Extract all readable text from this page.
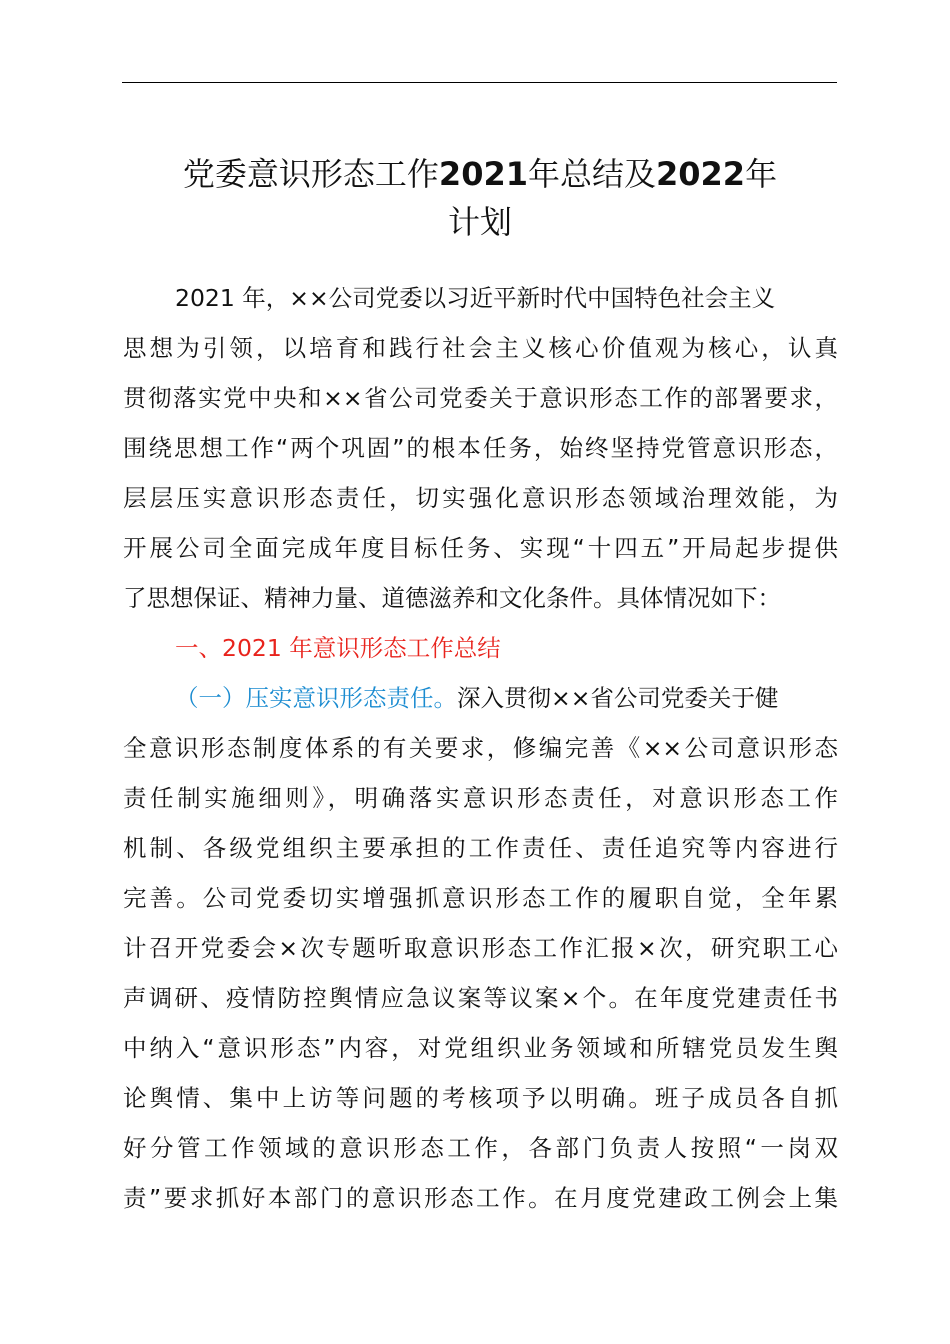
党委意识形态工作2021年总结及2022年
计划
2021 年，××公司党委以习近平新时代中国特色社会主义
思想为引领，以培育和践行社会主义核心价值观为核心，认真
贯彻落实党中央和××省公司党委关于意识形态工作的部署要求，
围绕思想工作“两个巩固”的根本任务，始终坚持党管意识形态，
层层压实意识形态责任，切实强化意识形态领域治理效能，为
开展公司全面完成年度目标任务、实现“十四五”开局起步提供
了思想保证、精神力量、道德滋养和文化条件。具体情况如下：
一、2021 年意识形态工作总结
（一）压实意识形态责任。深入贯彻××省公司党委关于健
全意识形态制度体系的有关要求，修编完善《××公司意识形态
责任制实施细则》，明确落实意识形态责任，对意识形态工作
机制、各级党组织主要承担的工作责任、责任追究等内容进行
完善。公司党委切实增强抓意识形态工作的履职自觉，全年累
计召开党委会×次专题听取意识形态工作汇报×次，研究职工心
声调研、疫情防控舆情应急议案等议案×个。在年度党建责任书
中纳入“意识形态”内容，对党组织业务领域和所辖党员发生舆
论舆情、集中上访等问题的考核项予以明确。班子成员各自抓
好分管工作领域的意识形态工作，各部门负责人按照“一岗双
责”要求抓好本部门的意识形态工作。在月度党建政工例会上集
